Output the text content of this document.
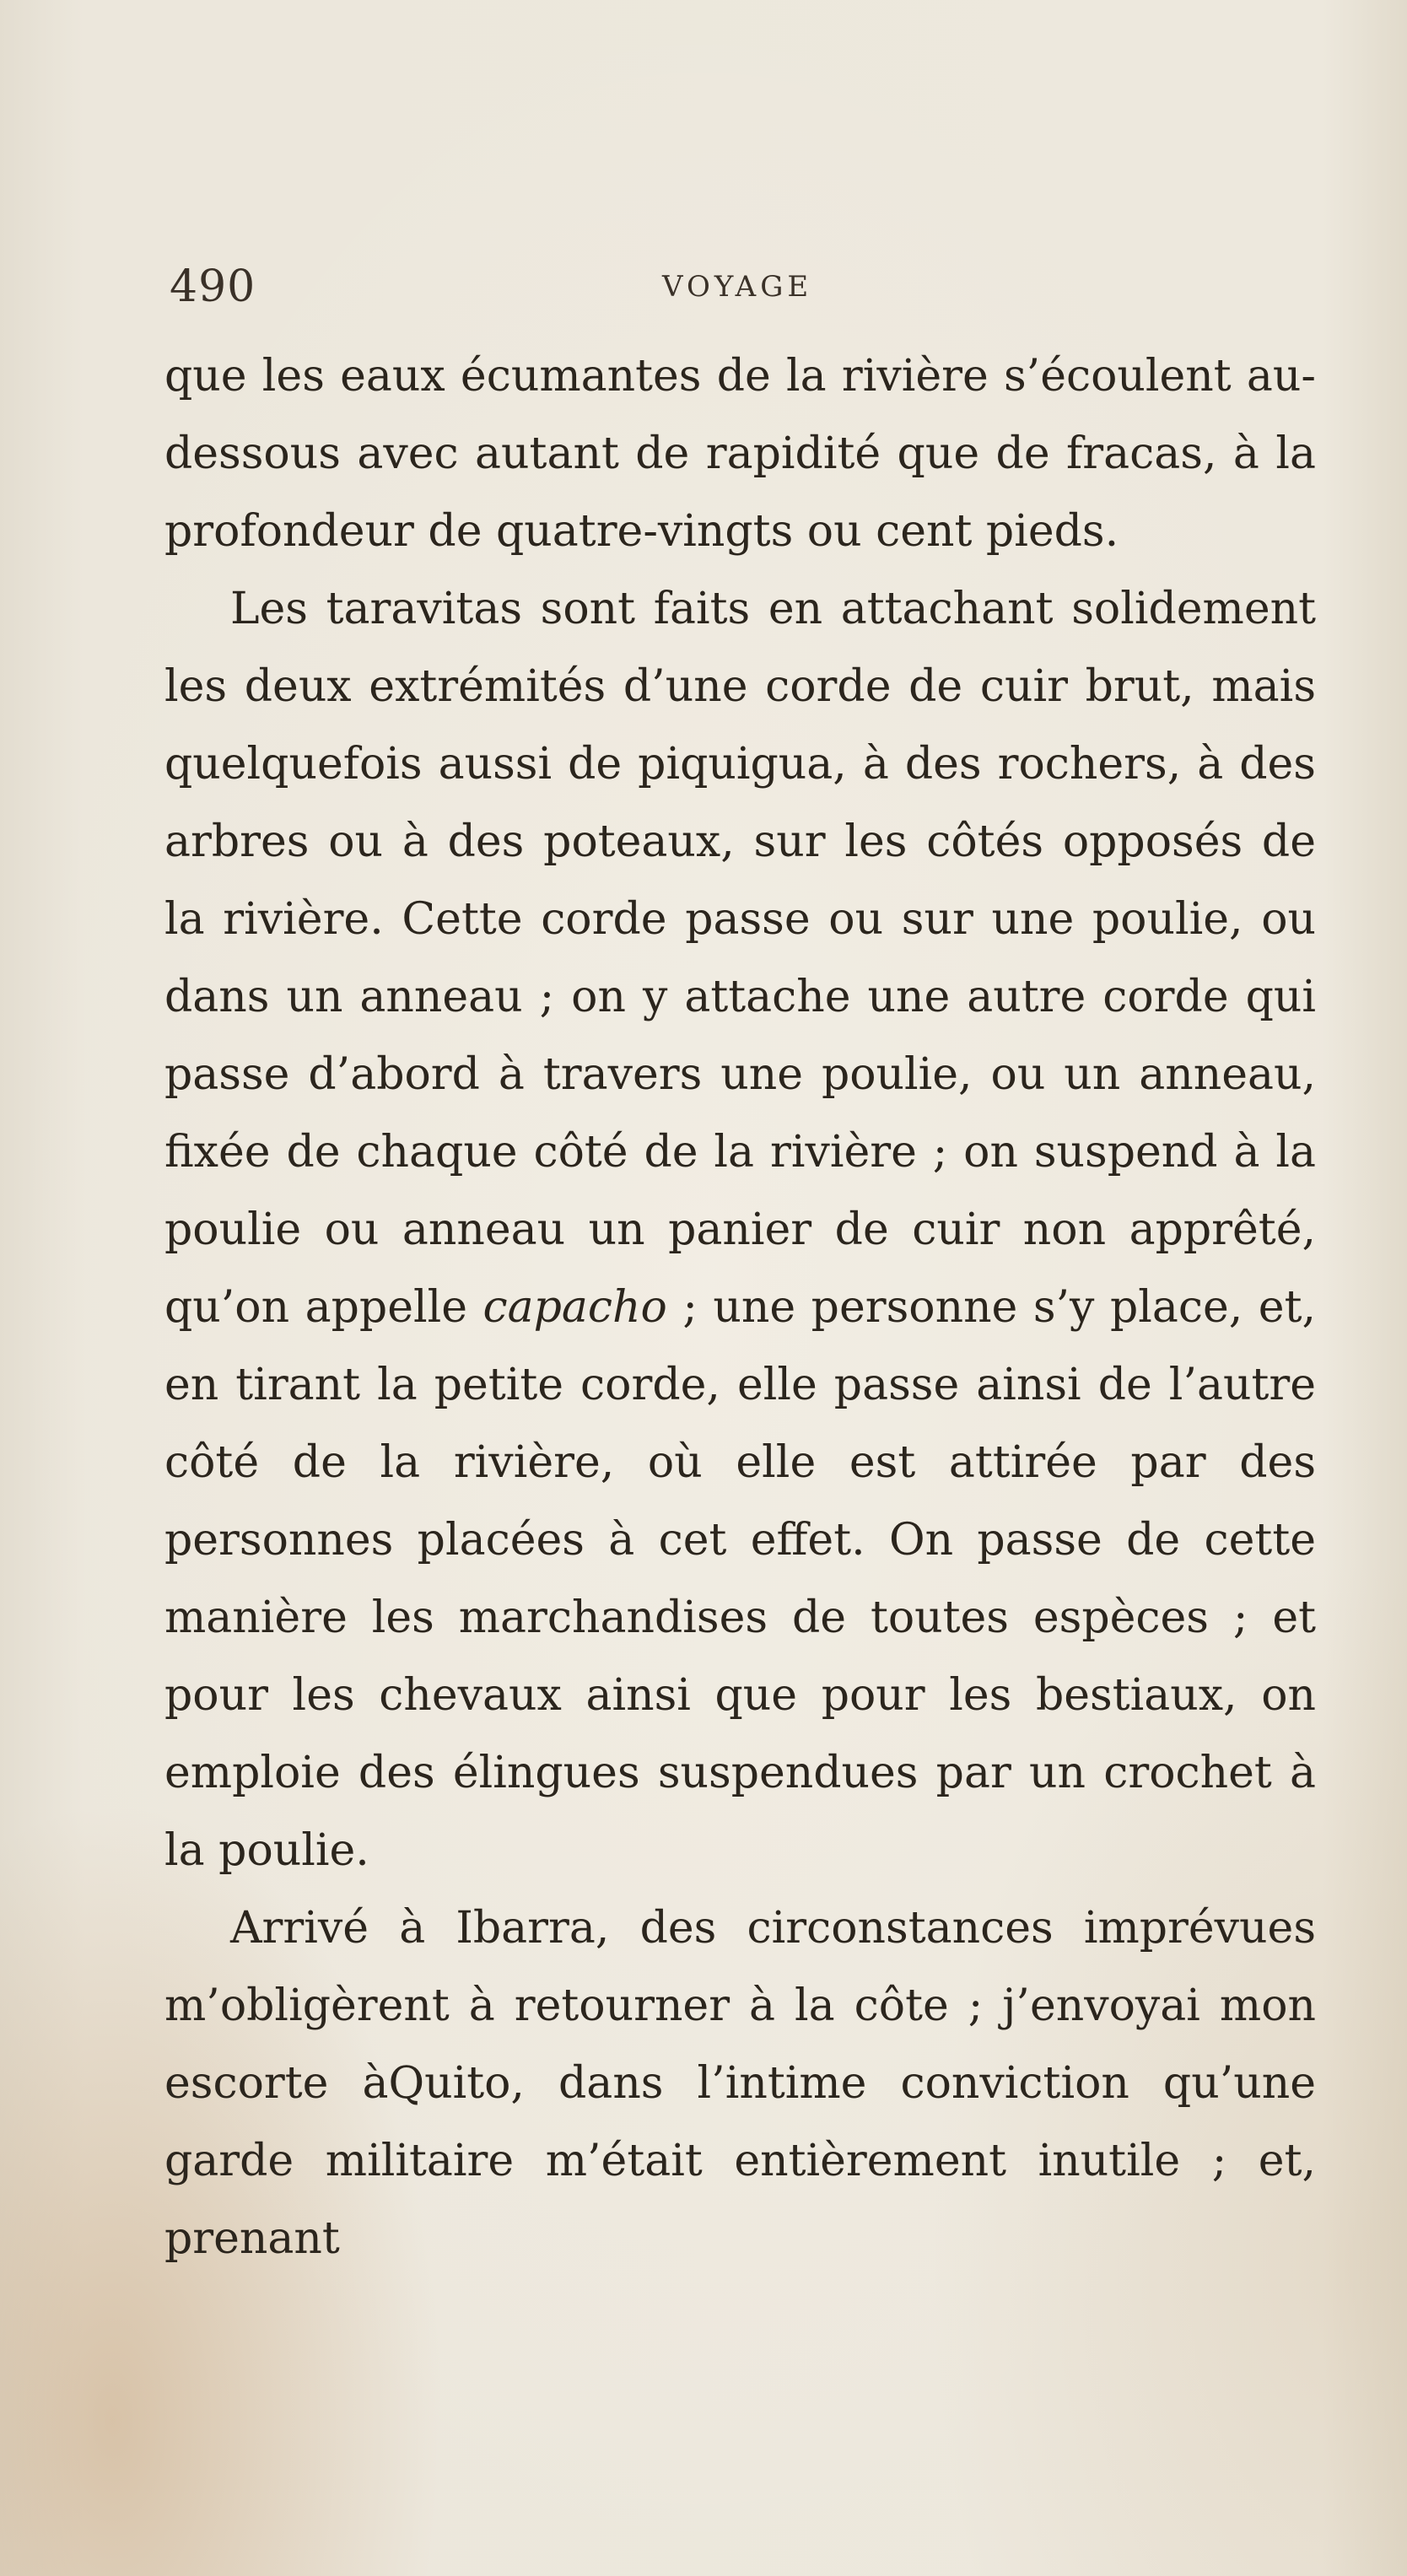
490	VOYAGE

que les eaux écumantes de la rivière s’écoulent au-dessous avec autant de rapidité que de fracas, à la profondeur de quatre-vingts ou cent pieds.

Les taravitas sont faits en attachant solidement les deux extrémités d’une corde de cuir brut, mais quelquefois aussi de piquigua, à des rochers, à des arbres ou à des poteaux, sur les côtés opposés de la rivière. Cette corde passe ou sur une poulie, ou dans un anneau ; on y attache une autre corde qui passe d’abord à travers une poulie, ou un anneau, fixée de chaque côté de la rivière ; on suspend à la poulie ou anneau un panier de cuir non apprêté, qu’on appelle capacho ; une personne s’y place, et, en tirant la petite corde, elle passe ainsi de l’autre côté de la rivière, où elle est attirée par des personnes placées à cet effet. On passe de cette manière les marchandises de toutes espèces ; et pour les chevaux ainsi que pour les bestiaux, on emploie des élingues suspendues par un crochet à la poulie.

Arrivé à Ibarra, des circonstances imprévues m’obligèrent à retourner à la côte ; j’envoyai mon escorte àQuito, dans l’intime conviction qu’une garde militaire m’était entièrement inutile ; et, prenant
